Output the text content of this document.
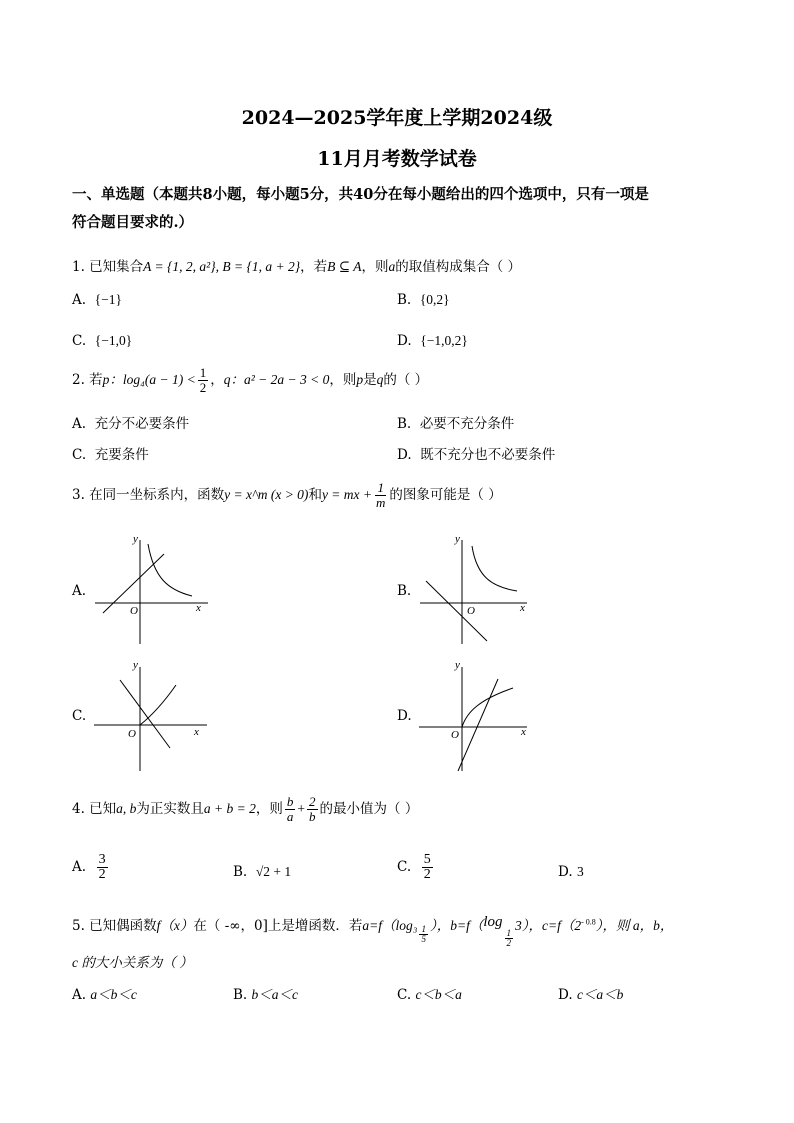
2024—2025学年度上学期2024级
11月月考数学试卷
一、单选题（本题共8小题，每小题5分，共40分在每小题给出的四个选项中，只有一项是
符合题目要求的.）
1. 已知集合A = {1, 2, a²}, B = {1, a + 2}，若B ⊆ A，则a的取值构成集合（ ）
A. {−1}	B. {0,2}
C. {−1,0}	D. {−1,0,2}
2. 若p：$\log_4(a - 1) < \frac{1}{2}$ ，q：a² − 2a − 3 < 0，则p是q的（ ）
A. 充分不必要条件	B. 必要不充分条件
C. 充要条件	D. 既不充分也不必要条件
3. 在同一坐标系内，函数y = x^m (x > 0)和y = mx + $\frac{1}{m}$ 的图象可能是（ ）
A.	B.
C.	D.
y
x
O
y
x
O
y
x
O
y
x
O
4. 已知a, b为正实数且a + b = 2，则 $\frac{b}{a} + \frac{2}{b}$ 的最小值为（ ）
A. $\frac{3}{2}$	B. √2 + 1	C. $\frac{5}{2}$	D. 3
5. 已知偶函数f（x）在（ -∞，0]上是增函数．若$a=f(\log_3 \frac{1}{5}$ ），b=f（log
$\frac{1}{2}$
3），$c=f(2^{- 0.8})$，则 a，b，
c 的大小关系为（ ）
A. a＜b＜c	B. b＜a＜c	C. c＜b＜a	D. c＜a＜b
